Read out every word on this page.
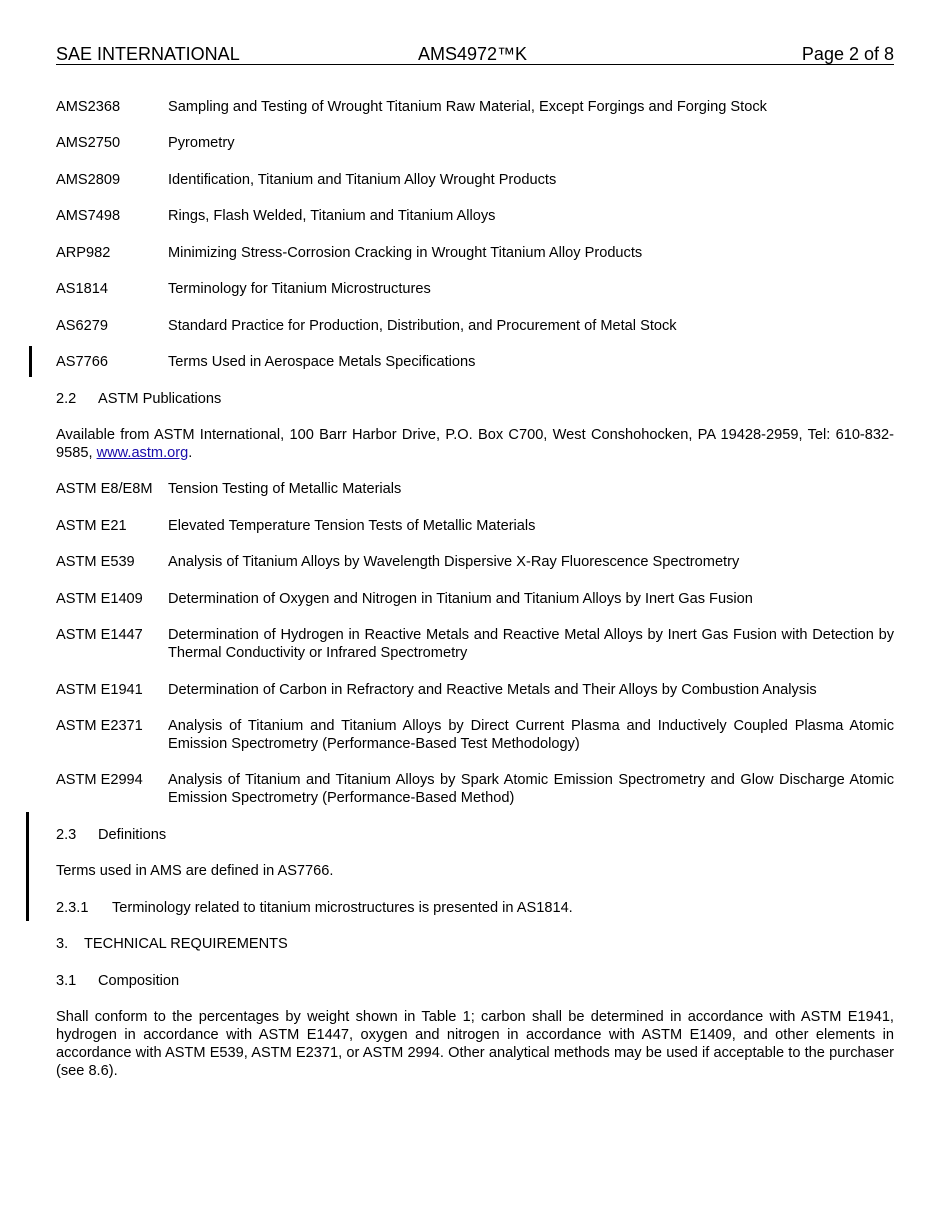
SAE INTERNATIONAL	AMS4972™K	Page 2 of 8
AMS2368	Sampling and Testing of Wrought Titanium Raw Material, Except Forgings and Forging Stock
AMS2750	Pyrometry
AMS2809	Identification, Titanium and Titanium Alloy Wrought Products
AMS7498	Rings, Flash Welded, Titanium and Titanium Alloys
ARP982	Minimizing Stress-Corrosion Cracking in Wrought Titanium Alloy Products
AS1814	Terminology for Titanium Microstructures
AS6279	Standard Practice for Production, Distribution, and Procurement of Metal Stock
AS7766	Terms Used in Aerospace Metals Specifications
2.2 ASTM Publications
Available from ASTM International, 100 Barr Harbor Drive, P.O. Box C700, West Conshohocken, PA 19428-2959, Tel: 610-832-9585, www.astm.org.
ASTM E8/E8M Tension Testing of Metallic Materials
ASTM E21	Elevated Temperature Tension Tests of Metallic Materials
ASTM E539 Analysis of Titanium Alloys by Wavelength Dispersive X-Ray Fluorescence Spectrometry
ASTM E1409 Determination of Oxygen and Nitrogen in Titanium and Titanium Alloys by Inert Gas Fusion
ASTM E1447 Determination of Hydrogen in Reactive Metals and Reactive Metal Alloys by Inert Gas Fusion with Detection by Thermal Conductivity or Infrared Spectrometry
ASTM E1941 Determination of Carbon in Refractory and Reactive Metals and Their Alloys by Combustion Analysis
ASTM E2371 Analysis of Titanium and Titanium Alloys by Direct Current Plasma and Inductively Coupled Plasma Atomic Emission Spectrometry (Performance-Based Test Methodology)
ASTM E2994 Analysis of Titanium and Titanium Alloys by Spark Atomic Emission Spectrometry and Glow Discharge Atomic Emission Spectrometry (Performance-Based Method)
2.3 Definitions
Terms used in AMS are defined in AS7766.
2.3.1 Terminology related to titanium microstructures is presented in AS1814.
3. TECHNICAL REQUIREMENTS
3.1 Composition
Shall conform to the percentages by weight shown in Table 1; carbon shall be determined in accordance with ASTM E1941, hydrogen in accordance with ASTM E1447, oxygen and nitrogen in accordance with ASTM E1409, and other elements in accordance with ASTM E539, ASTM E2371, or ASTM 2994. Other analytical methods may be used if acceptable to the purchaser (see 8.6).
